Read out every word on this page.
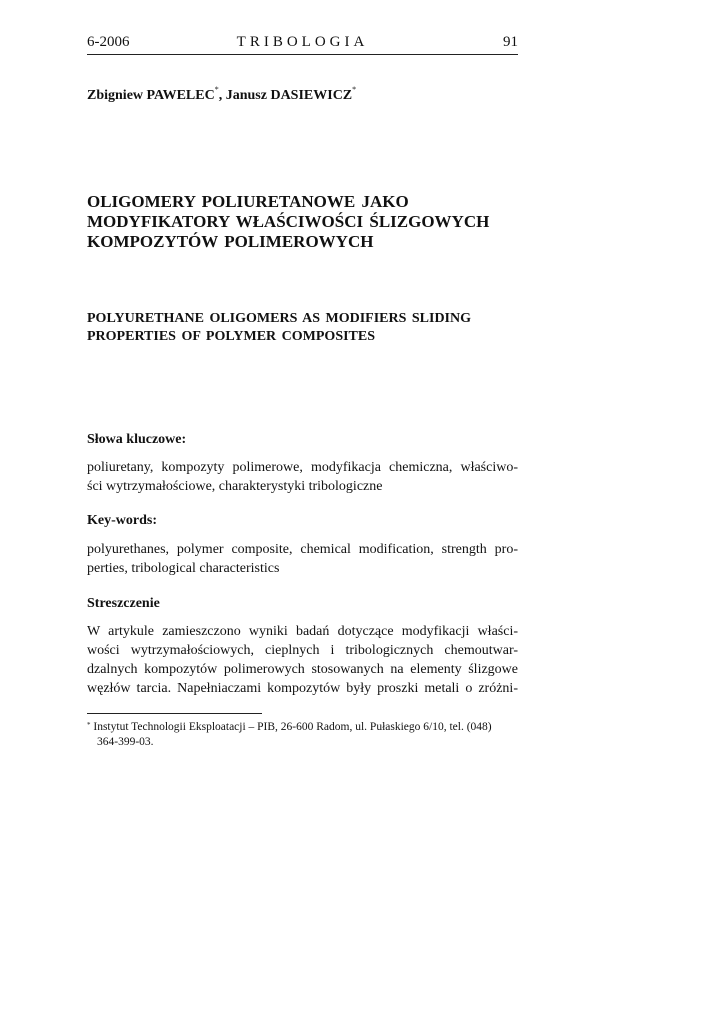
6-2006	TRIBOLOGIA	91
Zbigniew PAWELEC*, Janusz DASIEWICZ*
OLIGOMERY POLIURETANOWE JAKO
MODYFIKATORY WŁAŚCIWOŚCI ŚLIZGOWYCH
KOMPOZYTÓW POLIMEROWYCH
POLYURETHANE OLIGOMERS AS MODIFIERS SLIDING
PROPERTIES OF POLYMER COMPOSITES
Słowa kluczowe:
poliuretany, kompozyty polimerowe, modyfikacja chemiczna, właściwo-
ści wytrzymałościowe, charakterystyki tribologiczne
Key-words:
polyurethanes, polymer composite, chemical modification, strength pro-
perties, tribological characteristics
Streszczenie
W artykule zamieszczono wyniki badań dotyczące modyfikacji właści-
wości wytrzymałościowych, cieplnych i tribologicznych chemoutwar-
dzalnych kompozytów polimerowych stosowanych na elementy ślizgowe
węzłów tarcia. Napełniaczami kompozytów były proszki metali o zróżni-
* Instytut Technologii Eksploatacji – PIB, 26-600 Radom, ul. Pułaskiego 6/10, tel. (048)
364-399-03.
